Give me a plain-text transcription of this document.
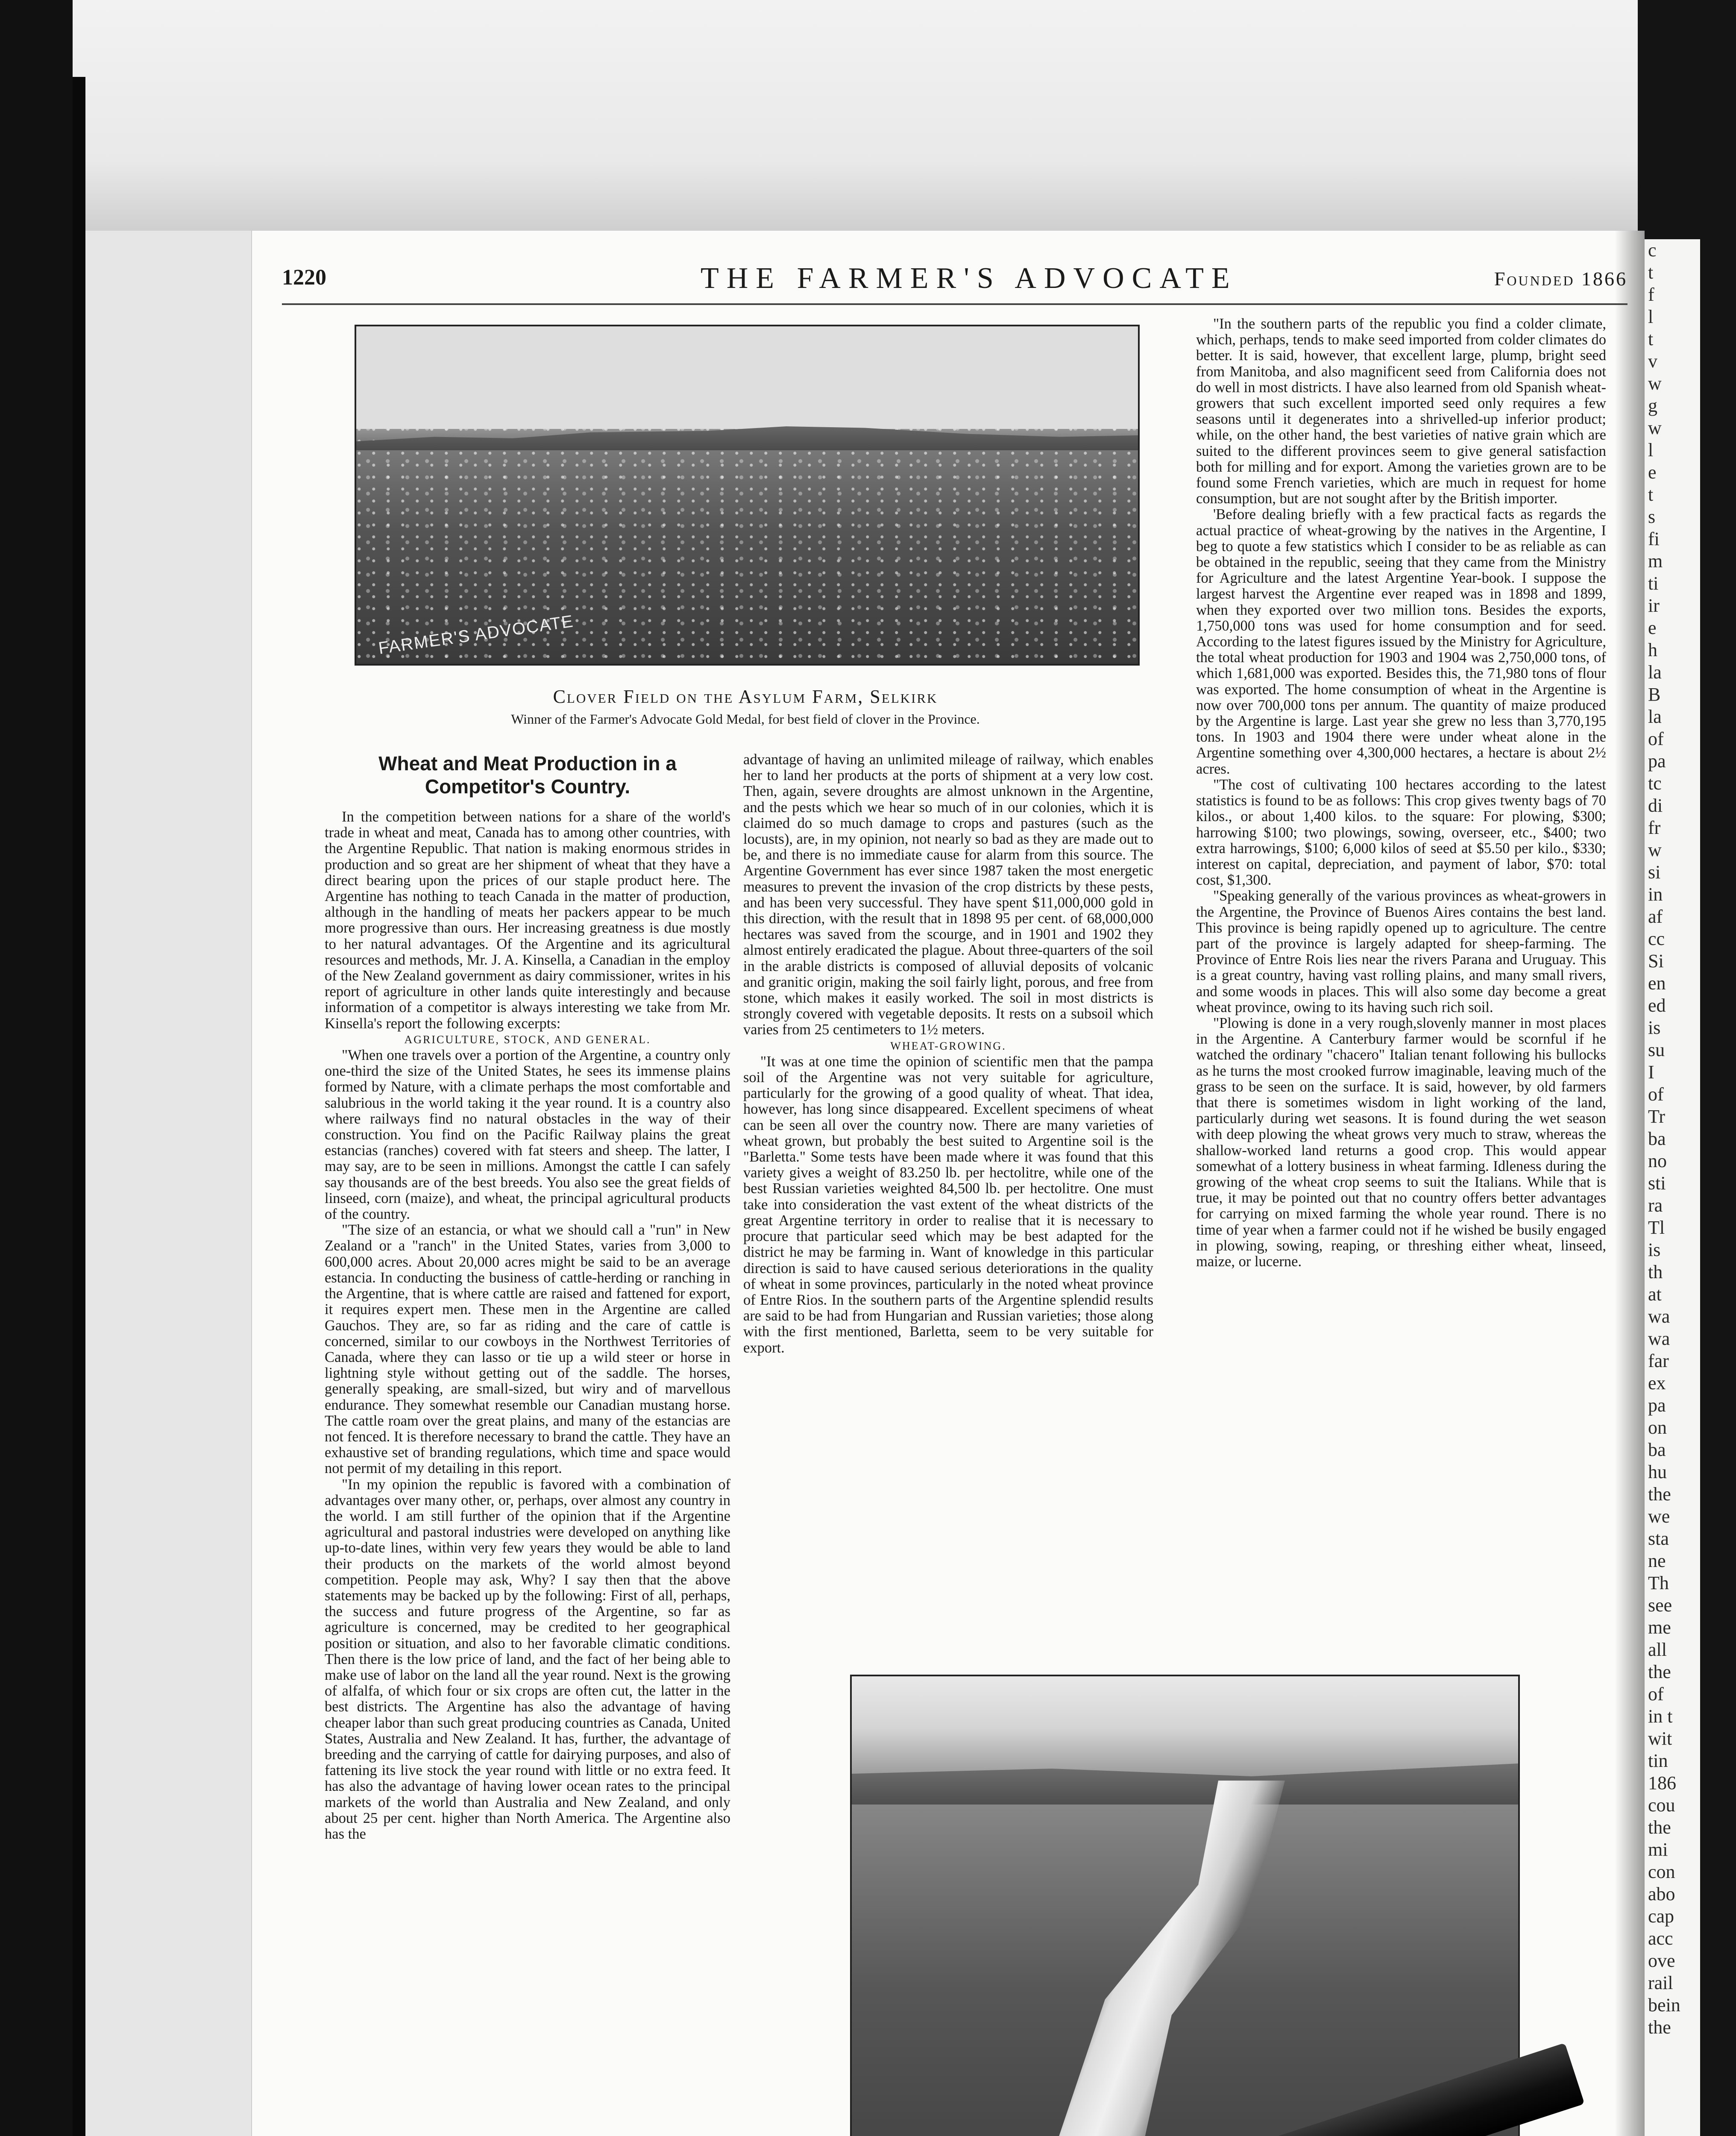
c
t
f
l
t
v
w
g
w
l
e
t
s
fi
m
ti
ir
e
h
la
B
la
of
pa
tc
di
fr
w
si
in
af
cc
Si
en
ed
is
su
I
of
Tr
ba
no
sti
ra
Tl
is
th
at
wa
wa
far
ex
pa
on
ba
hu
the
we
sta
ne
Th
see
me
all
the
of
in t
wit
tin
186
cou
the
mi
con
abo
cap
acc
ove
rail
bein
the
1220	THE FARMER'S ADVOCATE	Founded 1866
FARMER'S ADVOCATE
Clover Field on the Asylum Farm, Selkirk
Winner of the Farmer's Advocate Gold Medal, for best field of clover in the Province.

Wheat and Meat Production in a Competitor's Country.

In the competition between nations for a share of the world's trade in wheat and meat, Canada has to among other countries, with the Argentine Republic. That nation is making enormous strides in production and so great are her shipment of wheat that they have a direct bearing upon the prices of our staple product here. The Argentine has nothing to teach Canada in the matter of production, although in the handling of meats her packers appear to be much more progressive than ours. Her increasing greatness is due mostly to her natural advantages. Of the Argentine and its agricultural resources and methods, Mr. J. A. Kinsella, a Canadian in the employ of the New Zealand government as dairy commissioner, writes in his report of agriculture in other lands quite interestingly and because information of a competitor is always interesting we take from Mr. Kinsella's report the following excerpts:

AGRICULTURE, STOCK, AND GENERAL.

"When one travels over a portion of the Argentine, a country only one-third the size of the United States, he sees its immense plains formed by Nature, with a climate perhaps the most comfortable and salubrious in the world taking it the year round. It is a country also where railways find no natural obstacles in the way of their construction. You find on the Pacific Railway plains the great estancias (ranches) covered with fat steers and sheep. The latter, I may say, are to be seen in millions. Amongst the cattle I can safely say thousands are of the best breeds. You also see the great fields of linseed, corn (maize), and wheat, the principal agricultural products of the country.

"The size of an estancia, or what we should call a "run" in New Zealand or a "ranch" in the United States, varies from 3,000 to 600,000 acres. About 20,000 acres might be said to be an average estancia. In conducting the business of cattle-herding or ranching in the Argentine, that is where cattle are raised and fattened for export, it requires expert men. These men in the Argentine are called Gauchos. They are, so far as riding and the care of cattle is concerned, similar to our cowboys in the Northwest Territories of Canada, where they can lasso or tie up a wild steer or horse in lightning style without getting out of the saddle. The horses, generally speaking, are small-sized, but wiry and of marvellous endurance. They somewhat resemble our Canadian mustang horse. The cattle roam over the great plains, and many of the estancias are not fenced. It is therefore necessary to brand the cattle. They have an exhaustive set of branding regulations, which time and space would not permit of my detailing in this report.

"In my opinion the republic is favored with a combination of advantages over many other, or, perhaps, over almost any country in the world. I am still further of the opinion that if the Argentine agricultural and pastoral industries were developed on anything like up-to-date lines, within very few years they would be able to land their products on the markets of the world almost beyond competition. People may ask, Why? I say then that the above statements may be backed up by the following: First of all, perhaps, the success and future progress of the Argentine, so far as agriculture is concerned, may be credited to her geographical position or situation, and also to her favorable climatic conditions. Then there is the low price of land, and the fact of her being able to make use of labor on the land all the year round. Next is the growing of alfalfa, of which four or six crops are often cut, the latter in the best districts. The Argentine has also the advantage of having cheaper labor than such great producing countries as Canada, United States, Australia and New Zealand. It has, further, the advantage of breeding and the carrying of cattle for dairying purposes, and also of fattening its live stock the year round with little or no extra feed. It has also the advantage of having lower ocean rates to the principal markets of the world than Australia and New Zealand, and only about 25 per cent. higher than North America. The Argentine also has the

advantage of having an unlimited mileage of railway, which enables her to land her products at the ports of shipment at a very low cost. Then, again, severe droughts are almost unknown in the Argentine, and the pests which we hear so much of in our colonies, which it is claimed do so much damage to crops and pastures (such as the locusts), are, in my opinion, not nearly so bad as they are made out to be, and there is no immediate cause for alarm from this source. The Argentine Government has ever since 1987 taken the most energetic measures to prevent the invasion of the crop districts by these pests, and has been very successful. They have spent $11,000,000 gold in this direction, with the result that in 1898 95 per cent. of 68,000,000 hectares was saved from the scourge, and in 1901 and 1902 they almost entirely eradicated the plague. About three-quarters of the soil in the arable districts is composed of alluvial deposits of volcanic and granitic origin, making the soil fairly light, porous, and free from stone, which makes it easily worked. The soil in most districts is strongly covered with vegetable deposits. It rests on a subsoil which varies from 25 centimeters to 1½ meters.

WHEAT-GROWING.

"It was at one time the opinion of scientific men that the pampa soil of the Argentine was not very suitable for agriculture, particularly for the growing of a good quality of wheat. That idea, however, has long since disappeared. Excellent specimens of wheat can be seen all over the country now. There are many varieties of wheat grown, but probably the best suited to Argentine soil is the "Barletta." Some tests have been made where it was found that this variety gives a weight of 83.250 lb. per hectolitre, while one of the best Russian varieties weighted 84,500 lb. per hectolitre. One must take into consideration the vast extent of the wheat districts of the great Argentine territory in order to realise that it is necessary to procure that particular seed which may be best adapted for the district he may be farming in. Want of knowledge in this particular direction is said to have caused serious deteriorations in the quality of wheat in some provinces, particularly in the noted wheat province of Entre Rios. In the southern parts of the Argentine splendid results are said to be had from Hungarian and Russian varieties; those along with the first mentioned, Barletta, seem to be very suitable for export.

"In the southern parts of the republic you find a colder climate, which, perhaps, tends to make seed imported from colder climates do better. It is said, however, that excellent large, plump, bright seed from Manitoba, and also magnificent seed from California does not do well in most districts. I have also learned from old Spanish wheat-growers that such excellent imported seed only requires a few seasons until it degenerates into a shrivelled-up inferior product; while, on the other hand, the best varieties of native grain which are suited to the different provinces seem to give general satisfaction both for milling and for export. Among the varieties grown are to be found some French varieties, which are much in request for home consumption, but are not sought after by the British importer.

'Before dealing briefly with a few practical facts as regards the actual practice of wheat-growing by the natives in the Argentine, I beg to quote a few statistics which I consider to be as reliable as can be obtained in the republic, seeing that they came from the Ministry for Agriculture and the latest Argentine Year-book. I suppose the largest harvest the Argentine ever reaped was in 1898 and 1899, when they exported over two million tons. Besides the exports, 1,750,000 tons was used for home consumption and for seed. According to the latest figures issued by the Ministry for Agriculture, the total wheat production for 1903 and 1904 was 2,750,000 tons, of which 1,681,000 was exported. Besides this, the 71,980 tons of flour was exported. The home consumption of wheat in the Argentine is now over 700,000 tons per annum. The quantity of maize produced by the Argentine is large. Last year she grew no less than 3,770,195 tons. In 1903 and 1904 there were under wheat alone in the Argentine something over 4,300,000 hectares, a hectare is about 2½ acres.

"The cost of cultivating 100 hectares according to the latest statistics is found to be as follows: This crop gives twenty bags of 70 kilos., or about 1,400 kilos. to the square: For plowing, $300; harrowing $100; two plowings, sowing, overseer, etc., $400; two extra harrowings, $100; 6,000 kilos of seed at $5.50 per kilo., $330; interest on capital, depreciation, and payment of labor, $70: total cost, $1,300.

"Speaking generally of the various provinces as wheat-growers in the Argentine, the Province of Buenos Aires contains the best land. This province is being rapidly opened up to agriculture. The centre part of the province is largely adapted for sheep-farming. The Province of Entre Rois lies near the rivers Parana and Uruguay. This is a great country, having vast rolling plains, and many small rivers, and some woods in places. This will also some day become a great wheat province, owing to its having such rich soil.

"Plowing is done in a very rough,slovenly manner in most places in the Argentine. A Canterbury farmer would be scornful if he watched the ordinary "chacero" Italian tenant following his bullocks as he turns the most crooked furrow imaginable, leaving much of the grass to be seen on the surface. It is said, however, by old farmers that there is sometimes wisdom in light working of the land, particularly during wet seasons. It is found during the wet season with deep plowing the wheat grows very much to straw, whereas the shallow-worked land returns a good crop. This would appear somewhat of a lottery business in wheat farming. Idleness during the growing of the wheat crop seems to suit the Italians. While that is true, it may be pointed out that no country offers better advantages for carrying on mixed farming the whole year round. There is no time of year when a farmer could not if he wished be busily engaged in plowing, sowing, reaping, or threshing either wheat, linseed, maize, or lucerne.
